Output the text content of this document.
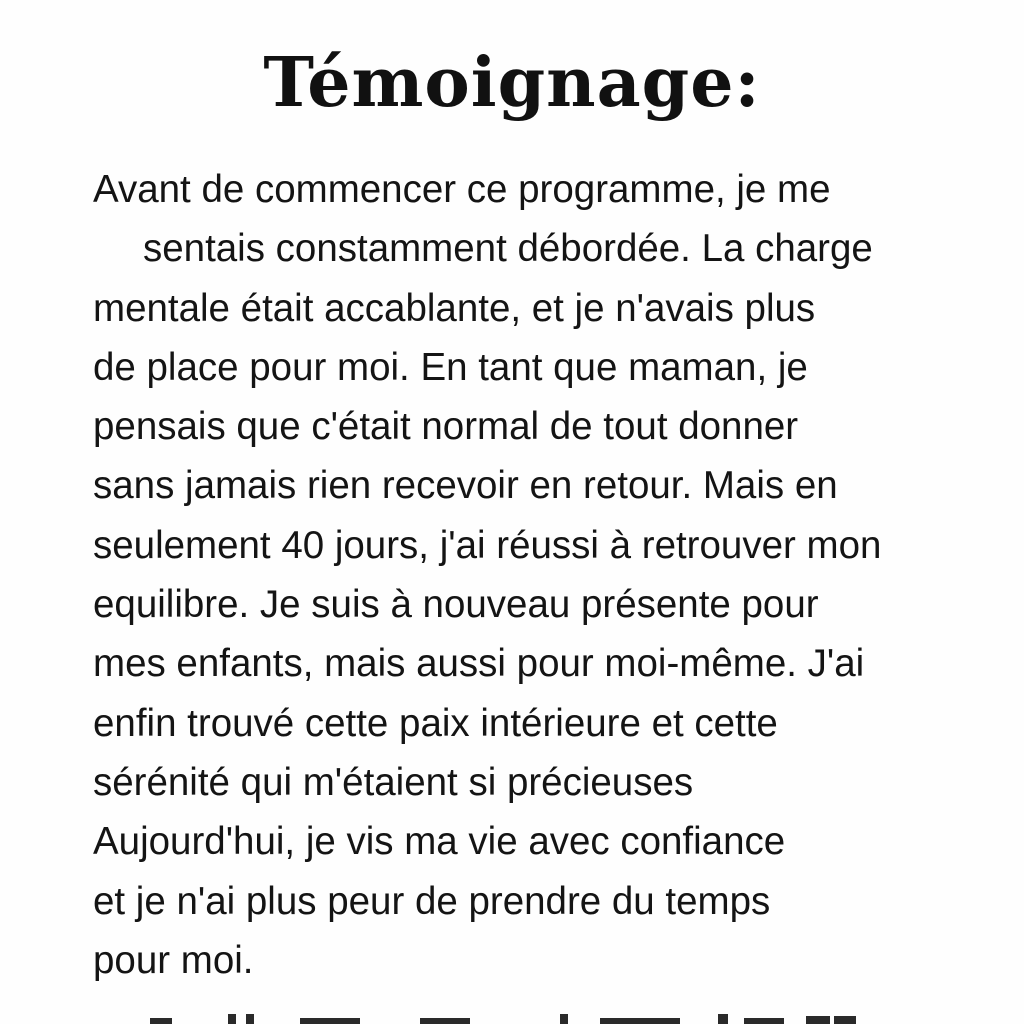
Témoignage:
Avant de commencer ce programme, je me
sentais constamment débordée. La charge
mentale était accablante, et je n'avais plus
de place pour moi. En tant que maman, je
pensais que c'était normal de tout donner
sans jamais rien recevoir en retour. Mais en
seulement 40 jours, j'ai réussi à retrouver mon
equilibre. Je suis à nouveau présente pour
mes enfants, mais aussi pour moi-même. J'ai
enfin trouvé cette paix intérieure et cette
sérénité qui m'étaient si précieuses
Aujourd'hui, je vis ma vie avec confiance
et je n'ai plus peur de prendre du temps
pour moi.
